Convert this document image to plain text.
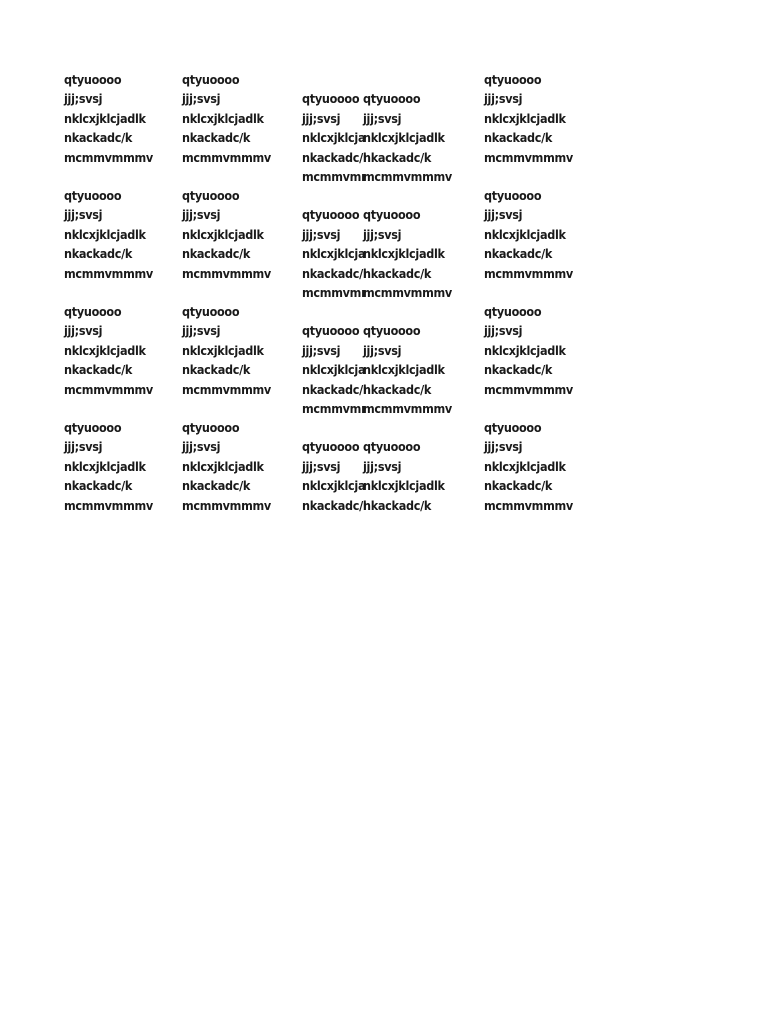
qtyuoooo
jjj;svsj
nklcxjklcjadlk
nkackadc/k
mcmmvmmmv
qtyuoooo
jjj;svsj
nklcxjklcjadlk
nkackadc/k
mcmmvmmmv
qtyuoooo
jjj;svsj
nklcxjklcja
nkackadc/l
mcmmvmı
qtyuoooo
jjj;svsj
nklcxjklcjadlk
nkackadc/k
mcmmvmmmv
qtyuoooo
jjj;svsj
nklcxjklcjadlk
nkackadc/k
mcmmvmmmv
qtyuoooo
jjj;svsj
nklcxjklcjadlk
nkackadc/k
mcmmvmmmv
qtyuoooo
jjj;svsj
nklcxjklcjadlk
nkackadc/k
mcmmvmmmv
qtyuoooo
jjj;svsj
nklcxjklcja
nkackadc/l
mcmmvmı
qtyuoooo
jjj;svsj
nklcxjklcjadlk
nkackadc/k
mcmmvmmmv
qtyuoooo
jjj;svsj
nklcxjklcjadlk
nkackadc/k
mcmmvmmmv
qtyuoooo
jjj;svsj
nklcxjklcjadlk
nkackadc/k
mcmmvmmmv
qtyuoooo
jjj;svsj
nklcxjklcjadlk
nkackadc/k
mcmmvmmmv
qtyuoooo
jjj;svsj
nklcxjklcja
nkackadc/l
mcmmvmı
qtyuoooo
jjj;svsj
nklcxjklcjadlk
nkackadc/k
mcmmvmmmv
qtyuoooo
jjj;svsj
nklcxjklcjadlk
nkackadc/k
mcmmvmmmv
qtyuoooo
jjj;svsj
nklcxjklcjadlk
nkackadc/k
mcmmvmmmv
qtyuoooo
jjj;svsj
nklcxjklcjadlk
nkackadc/k
mcmmvmmmv
qtyuoooo
jjj;svsj
nklcxjklcja
nkackadc/l
qtyuoooo
jjj;svsj
nklcxjklcjadlk
nkackadc/k
qtyuoooo
jjj;svsj
nklcxjklcjadlk
nkackadc/k
mcmmvmmmv
